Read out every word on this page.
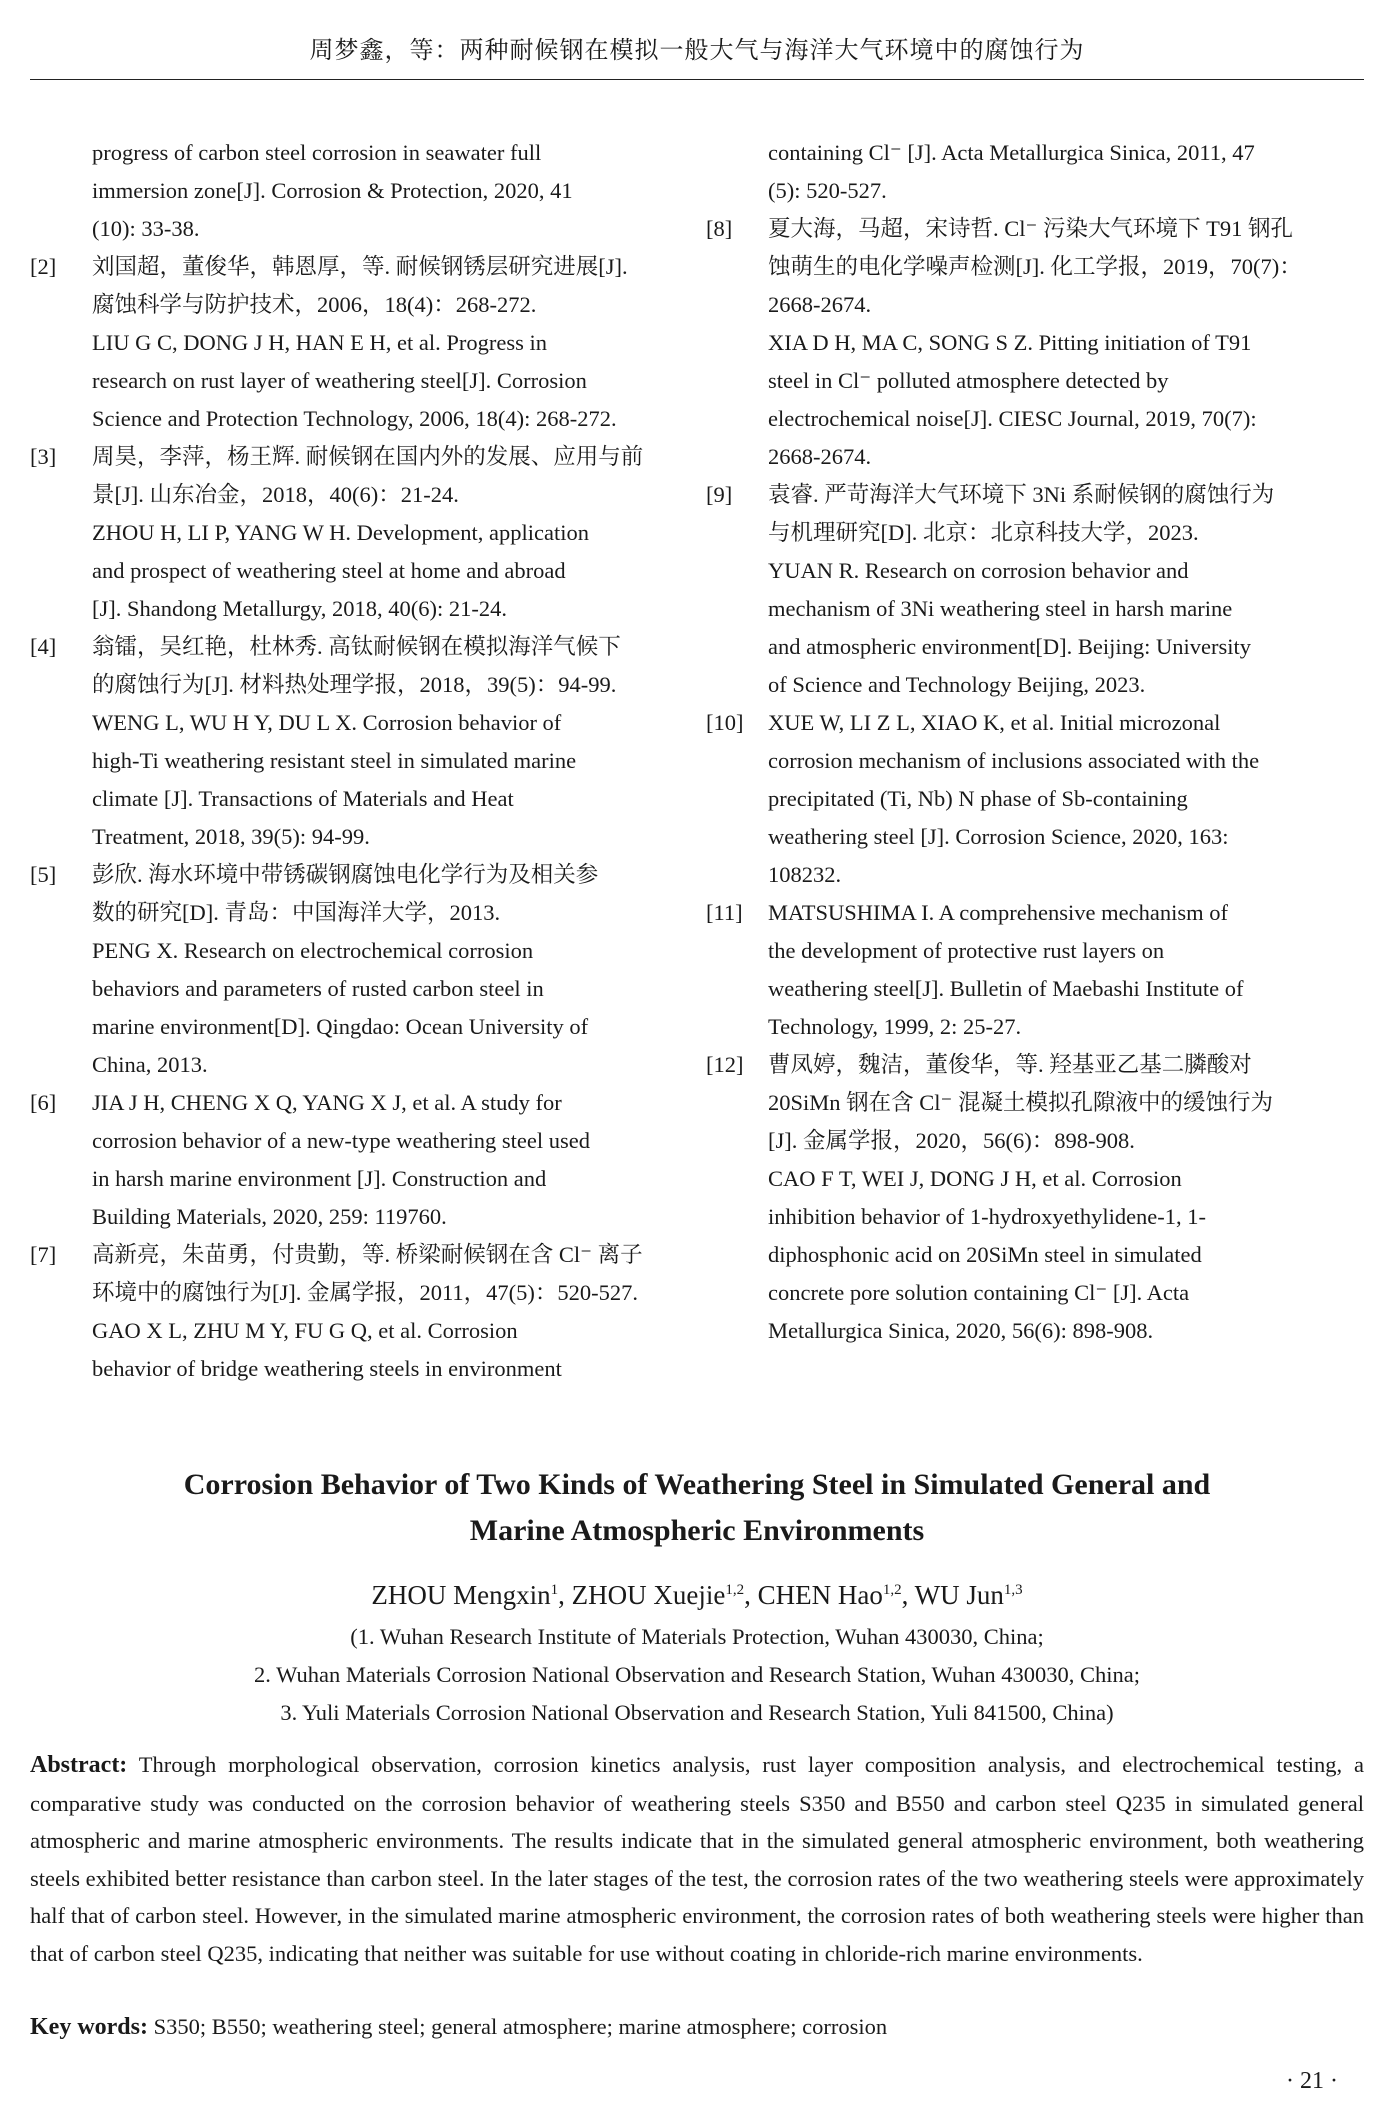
周梦鑫，等：两种耐候钢在模拟一般大气与海洋大气环境中的腐蚀行为
progress of carbon steel corrosion in seawater full
immersion zone[J]. Corrosion & Protection, 2020, 41
(10): 33-38.
[2]	刘国超，董俊华，韩恩厚，等. 耐候钢锈层研究进展[J].
腐蚀科学与防护技术，2006，18(4)：268-272.
LIU G C, DONG J H, HAN E H, et al. Progress in
research on rust layer of weathering steel[J]. Corrosion
Science and Protection Technology, 2006, 18(4): 268-272.
[3]	周昊，李萍，杨王辉. 耐候钢在国内外的发展、应用与前
景[J]. 山东冶金，2018，40(6)：21-24.
ZHOU H, LI P, YANG W H. Development, application
and prospect of weathering steel at home and abroad
[J]. Shandong Metallurgy, 2018, 40(6): 21-24.
[4]	翁镭，吴红艳，杜林秀. 高钛耐候钢在模拟海洋气候下
的腐蚀行为[J]. 材料热处理学报，2018，39(5)：94-99.
WENG L, WU H Y, DU L X. Corrosion behavior of
high-Ti weathering resistant steel in simulated marine
climate [J]. Transactions of Materials and Heat
Treatment, 2018, 39(5): 94-99.
[5]	彭欣. 海水环境中带锈碳钢腐蚀电化学行为及相关参
数的研究[D]. 青岛：中国海洋大学，2013.
PENG X. Research on electrochemical corrosion
behaviors and parameters of rusted carbon steel in
marine environment[D]. Qingdao: Ocean University of
China, 2013.
[6]	JIA J H, CHENG X Q, YANG X J, et al. A study for
corrosion behavior of a new-type weathering steel used
in harsh marine environment [J]. Construction and
Building Materials, 2020, 259: 119760.
[7]	高新亮，朱苗勇，付贵勤，等. 桥梁耐候钢在含 Cl⁻ 离子
环境中的腐蚀行为[J]. 金属学报，2011，47(5)：520-527.
GAO X L, ZHU M Y, FU G Q, et al. Corrosion
behavior of bridge weathering steels in environment
containing Cl⁻ [J]. Acta Metallurgica Sinica, 2011, 47
(5): 520-527.
[8]	夏大海，马超，宋诗哲. Cl⁻ 污染大气环境下 T91 钢孔
蚀萌生的电化学噪声检测[J]. 化工学报，2019，70(7)：
2668-2674.
XIA D H, MA C, SONG S Z. Pitting initiation of T91
steel in Cl⁻ polluted atmosphere detected by
electrochemical noise[J]. CIESC Journal, 2019, 70(7):
2668-2674.
[9]	袁睿. 严苛海洋大气环境下 3Ni 系耐候钢的腐蚀行为
与机理研究[D]. 北京：北京科技大学，2023.
YUAN R. Research on corrosion behavior and
mechanism of 3Ni weathering steel in harsh marine
and atmospheric environment[D]. Beijing: University
of Science and Technology Beijing, 2023.
[10]	XUE W, LI Z L, XIAO K, et al. Initial microzonal
corrosion mechanism of inclusions associated with the
precipitated (Ti, Nb) N phase of Sb-containing
weathering steel [J]. Corrosion Science, 2020, 163:
108232.
[11]	MATSUSHIMA I. A comprehensive mechanism of
the development of protective rust layers on
weathering steel[J]. Bulletin of Maebashi Institute of
Technology, 1999, 2: 25-27.
[12]	曹凤婷，魏洁，董俊华，等. 羟基亚乙基二膦酸对
20SiMn 钢在含 Cl⁻ 混凝土模拟孔隙液中的缓蚀行为
[J]. 金属学报，2020，56(6)：898-908.
CAO F T, WEI J, DONG J H, et al. Corrosion
inhibition behavior of 1-hydroxyethylidene-1, 1-
diphosphonic acid on 20SiMn steel in simulated
concrete pore solution containing Cl⁻ [J]. Acta
Metallurgica Sinica, 2020, 56(6): 898-908.
Corrosion Behavior of Two Kinds of Weathering Steel in Simulated General and
Marine Atmospheric Environments
ZHOU Mengxin$^1$, ZHOU Xuejie$^{1,2}$, CHEN Hao$^{1,2}$, WU Jun$^{1,3}$
(1. Wuhan Research Institute of Materials Protection, Wuhan 430030, China;
2. Wuhan Materials Corrosion National Observation and Research Station, Wuhan 430030, China;
3. Yuli Materials Corrosion National Observation and Research Station, Yuli 841500, China)
Abstract: Through morphological observation, corrosion kinetics analysis, rust layer composition analysis, and electrochemical testing, a comparative study was conducted on the corrosion behavior of weathering steels S350 and B550 and carbon steel Q235 in simulated general atmospheric and marine atmospheric environments. The results indicate that in the simulated general atmospheric environment, both weathering steels exhibited better resistance than carbon steel. In the later stages of the test, the corrosion rates of the two weathering steels were approximately half that of carbon steel. However, in the simulated marine atmospheric environment, the corrosion rates of both weathering steels were higher than that of carbon steel Q235, indicating that neither was suitable for use without coating in chloride-rich marine environments.
Key words: S350; B550; weathering steel; general atmosphere; marine atmosphere; corrosion
· 21 ·
